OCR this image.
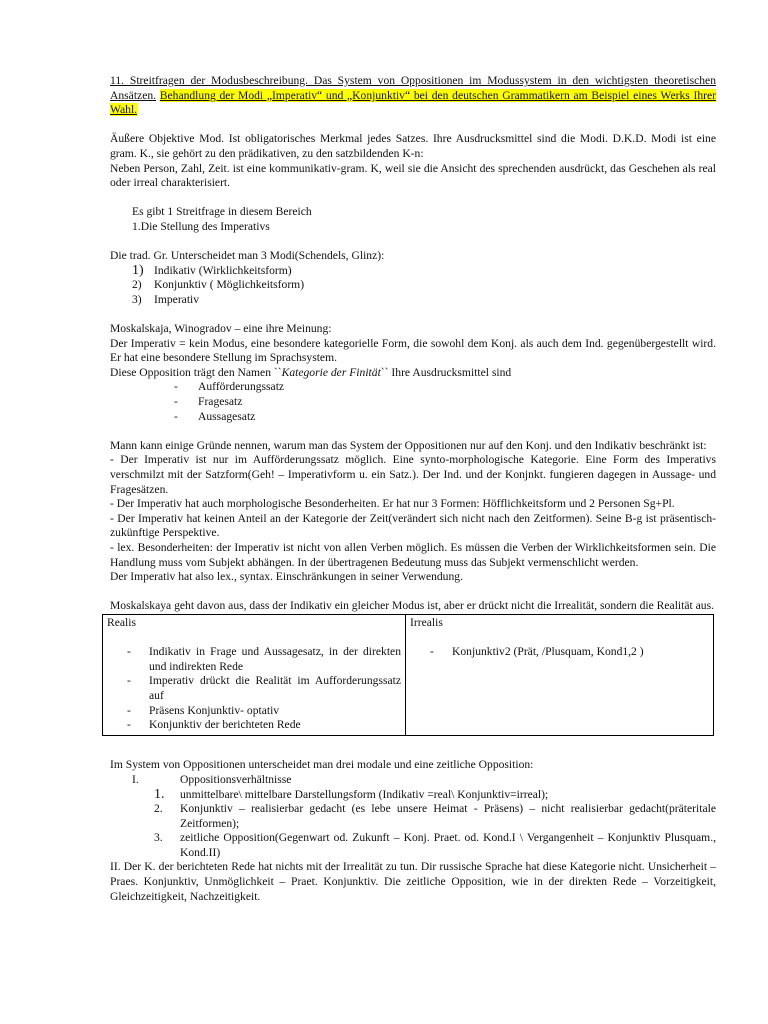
11. Streitfragen der Modusbeschreibung. Das System von Oppositionen im Modussystem in den wichtigsten theoretischen Ansätzen. Behandlung der Modi „Imperativ“ und „Konjunktiv“ bei den deutschen Grammatikern am Beispiel eines Werks Ihrer Wahl.

Äußere Objektive Mod. Ist obligatorisches Merkmal jedes Satzes. Ihre Ausdrucksmittel sind die Modi. D.K.D. Modi ist eine gram. K., sie gehört zu den prädikativen, zu den satzbildenden K-n:

Neben Person, Zahl, Zeit. ist eine kommunikativ-gram. K, weil sie die Ansicht des sprechenden ausdrückt, das Geschehen als real oder irreal charakterisiert.

Es gibt 1 Streitfrage in diesem Bereich

1.Die Stellung des Imperativs

Die trad. Gr. Unterscheidet man 3 Modi(Schendels, Glinz):

1) Indikativ (Wirklichkeitsform)
2) Konjunktiv ( Möglichkeitsform)
3) Imperativ

Moskalskaja, Winogradov – eine ihre Meinung:

Der Imperativ = kein Modus, eine besondere kategorielle Form, die sowohl dem Konj. als auch dem Ind. gegenübergestellt wird. Er hat eine besondere Stellung im Sprachsystem.

Diese Opposition trägt den Namen ``Kategorie der Finität`` Ihre Ausdrucksmittel sind

- Aufförderungssatz
- Fragesatz
- Aussagesatz

Mann kann einige Gründe nennen, warum man das System der Oppositionen nur auf den Konj. und den Indikativ beschränkt ist:

- Der Imperativ ist nur im Aufförderungssatz möglich. Eine synto-morphologische Kategorie. Eine Form des Imperativs verschmilzt mit der Satzform(Geh! – Imperativform u. ein Satz.). Der Ind. und der Konjnkt. fungieren dagegen in Aussage- und Fragesätzen.

- Der Imperativ hat auch morphologische Besonderheiten. Er hat nur 3 Formen: Höfflichkeitsform und 2 Personen Sg+Pl.

- Der Imperativ hat keinen Anteil an der Kategorie der Zeit(verändert sich nicht nach den Zeitformen). Seine B-g ist präsentisch-zukünftige Perspektive.

- lex. Besonderheiten: der Imperativ ist nicht von allen Verben möglich. Es müssen die Verben der Wirklichkeitsformen sein. Die Handlung muss vom Subjekt abhängen. In der übertragenen Bedeutung muss das Subjekt vermenschlicht werden.

Der Imperativ hat also lex., syntax. Einschränkungen in seiner Verwendung.

Moskalskaya geht davon aus, dass der Indikativ ein gleicher Modus ist, aber er drückt nicht die Irrealität, sondern die Realität aus.

Realis
- Indikativ in Frage und Aussagesatz, in der direkten und indirekten Rede
- Imperativ drückt die Realität im Aufforderungssatz auf
- Präsens Konjunktiv- optativ
- Konjunktiv der berichteten Rede

Irrealis
- Konjunktiv2 (Prät, /Plusquam, Kond1,2 )

Im System von Oppositionen unterscheidet man drei modale und eine zeitliche Opposition:

I.	Oppositionsverhältnisse

1. unmittelbare\ mittelbare Darstellungsform (Indikativ =real\ Konjunktiv=irreal);
2. Konjunktiv – realisierbar gedacht (es lebe unsere Heimat - Präsens) – nicht realisierbar gedacht(präteritale Zeitformen);
3. zeitliche Opposition(Gegenwart od. Zukunft – Konj. Praet. od. Kond.I \ Vergangenheit – Konjunktiv Plusquam., Kond.II)

II. Der K. der berichteten Rede hat nichts mit der Irrealität zu tun. Dir russische Sprache hat diese Kategorie nicht. Unsicherheit – Praes. Konjunktiv, Unmöglichkeit – Praet. Konjunktiv. Die zeitliche Opposition, wie in der direkten Rede – Vorzeitigkeit, Gleichzeitigkeit, Nachzeitigkeit.
